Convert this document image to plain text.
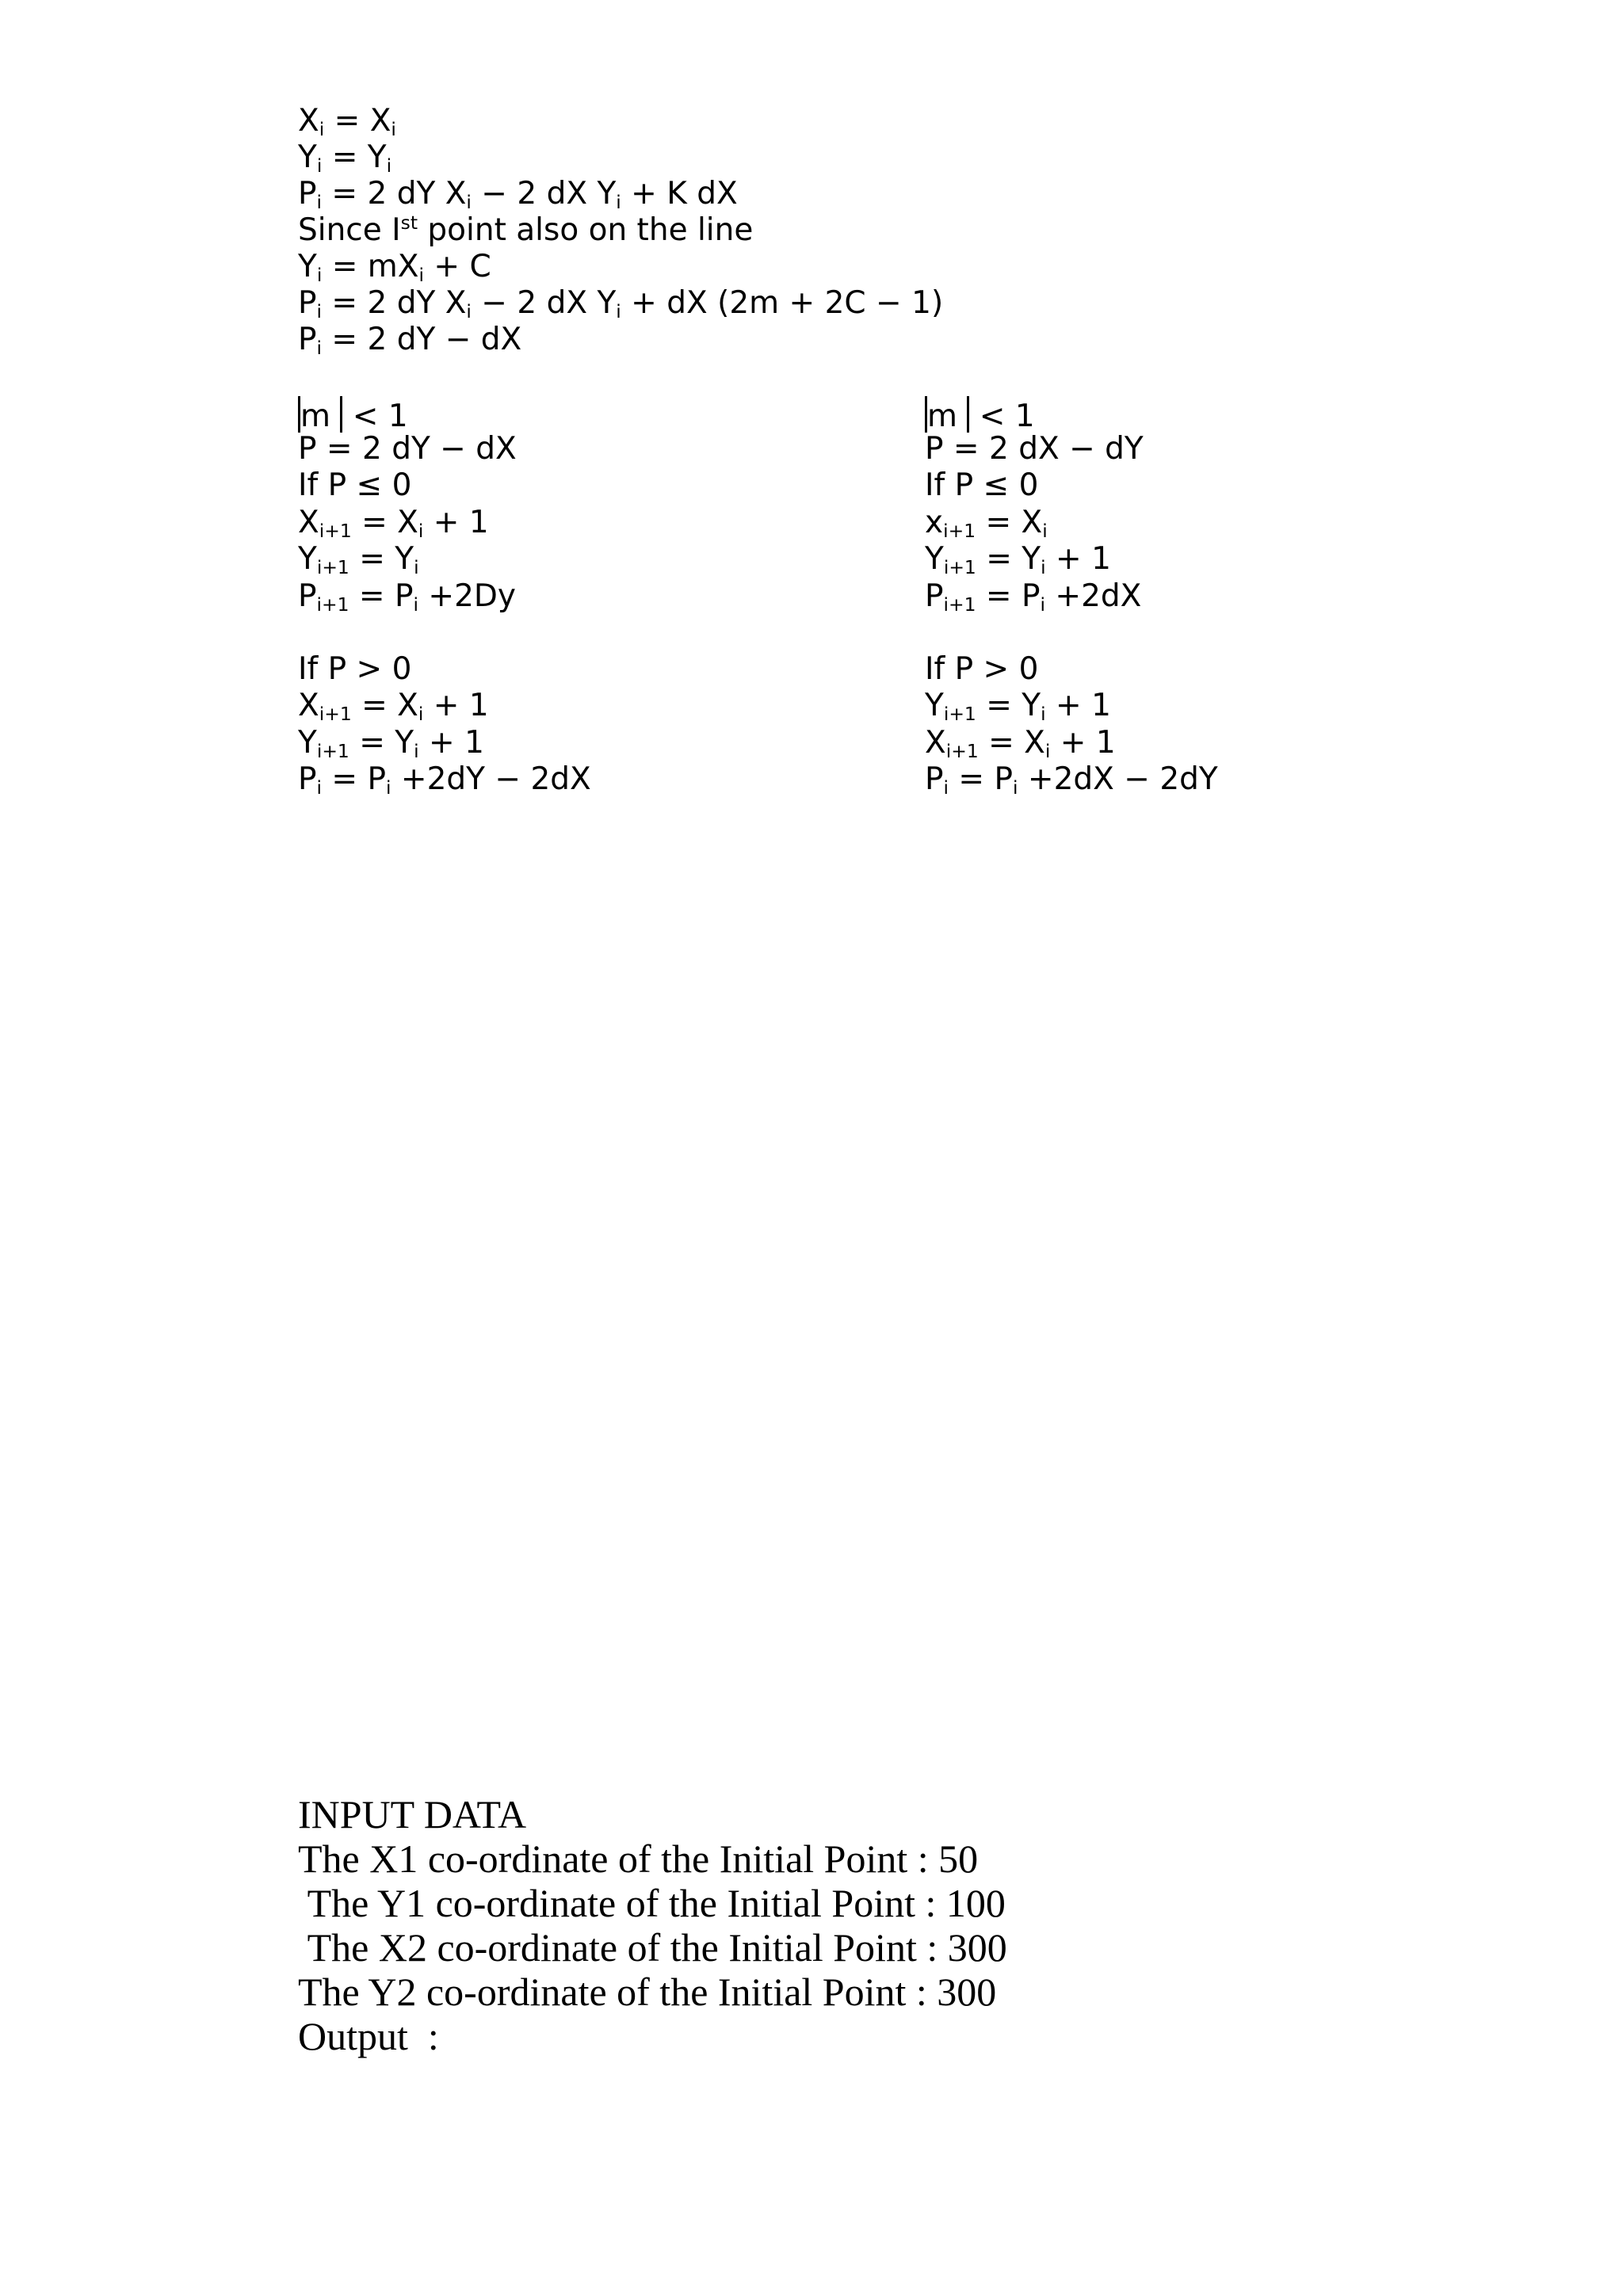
$X_i = X_i$
$Y_i = Y_i$
$P_i = 2$ dY $X_i - 2$ dX $Y_i + K$ dX
Since Ist point also on the line
$Y_i = mX_i + C$
$P_i = 2$ dY $X_i - 2$ dX $Y_i$ + dX (2m + 2C − 1)
$P_i = 2$ dY − dX
m  < 1
P = 2 dY − dX
If P ≤ 0
$X_{i+1} = X_i + 1$
$Y_{i+1} = Y_i$
$P_{i+1} = P_i +2Dy$
If P > 0
$X_{i+1} = X_i + 1$
$Y_{i+1} = Y_i + 1$
$P_i = P_i +2dY - 2dX$
m  < 1
P = 2 dX − dY
If P ≤ 0
$x_{i+1} = X_i$
$Y_{i+1} = Y_i + 1$
$P_{i+1} = P_i +2dX$
If P > 0
$Y_{i+1} = Y_i + 1$
$X_{i+1} = X_i + 1$
$P_i = P_i +2dX - 2dY$
INPUT DATA
The X1 co-ordinate of the Initial Point : 50
The Y1 co-ordinate of the Initial Point : 100
The X2 co-ordinate of the Initial Point : 300
The Y2 co-ordinate of the Initial Point : 300
Output  :
